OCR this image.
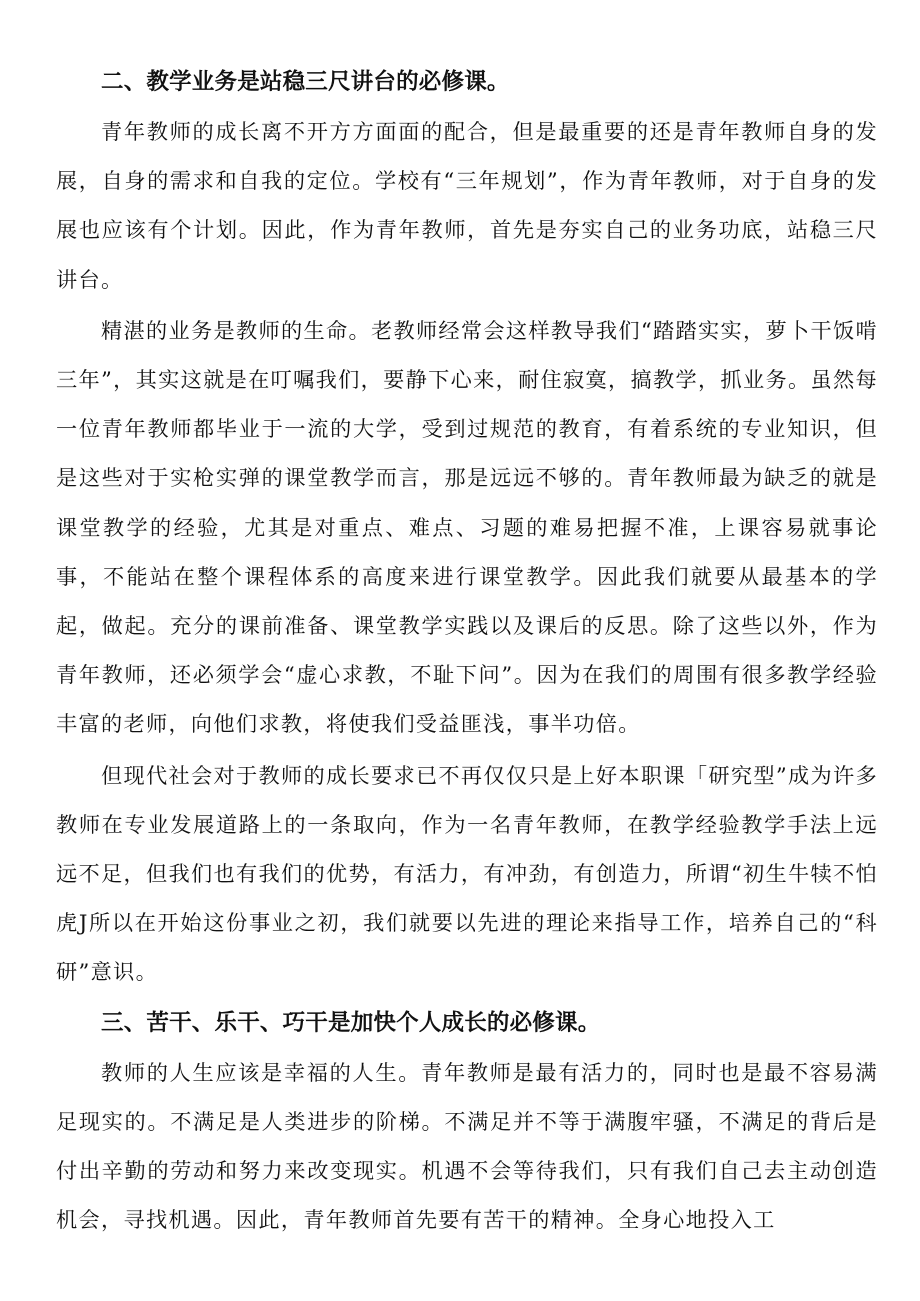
二、教学业务是站稳三尺讲台的必修课。

青年教师的成长离不开方方面面的配合，但是最重要的还是青年教师自身的发展，自身的需求和自我的定位。学校有“三年规划”，作为青年教师，对于自身的发展也应该有个计划。因此，作为青年教师，首先是夯实自己的业务功底，站稳三尺讲台。

精湛的业务是教师的生命。老教师经常会这样教导我们“踏踏实实，萝卜干饭啃三年”，其实这就是在叮嘱我们，要静下心来，耐住寂寞，搞教学，抓业务。虽然每一位青年教师都毕业于一流的大学，受到过规范的教育，有着系统的专业知识，但是这些对于实枪实弹的课堂教学而言，那是远远不够的。青年教师最为缺乏的就是课堂教学的经验，尤其是对重点、难点、习题的难易把握不准，上课容易就事论事，不能站在整个课程体系的高度来进行课堂教学。因此我们就要从最基本的学起，做起。充分的课前准备、课堂教学实践以及课后的反思。除了这些以外，作为青年教师，还必须学会“虚心求教，不耻下问”。因为在我们的周围有很多教学经验丰富的老师，向他们求教，将使我们受益匪浅，事半功倍。

但现代社会对于教师的成长要求已不再仅仅只是上好本职课「研究型”成为许多教师在专业发展道路上的一条取向，作为一名青年教师，在教学经验教学手法上远远不足，但我们也有我们的优势，有活力，有冲劲，有创造力，所谓“初生牛犊不怕虎J所以在开始这份事业之初，我们就要以先进的理论来指导工作，培养自己的“科研”意识。

三、苦干、乐干、巧干是加快个人成长的必修课。

教师的人生应该是幸福的人生。青年教师是最有活力的，同时也是最不容易满足现实的。不满足是人类进步的阶梯。不满足并不等于满腹牢骚，不满足的背后是付出辛勤的劳动和努力来改变现实。机遇不会等待我们，只有我们自己去主动创造机会，寻找机遇。因此，青年教师首先要有苦干的精神。全身心地投入工
